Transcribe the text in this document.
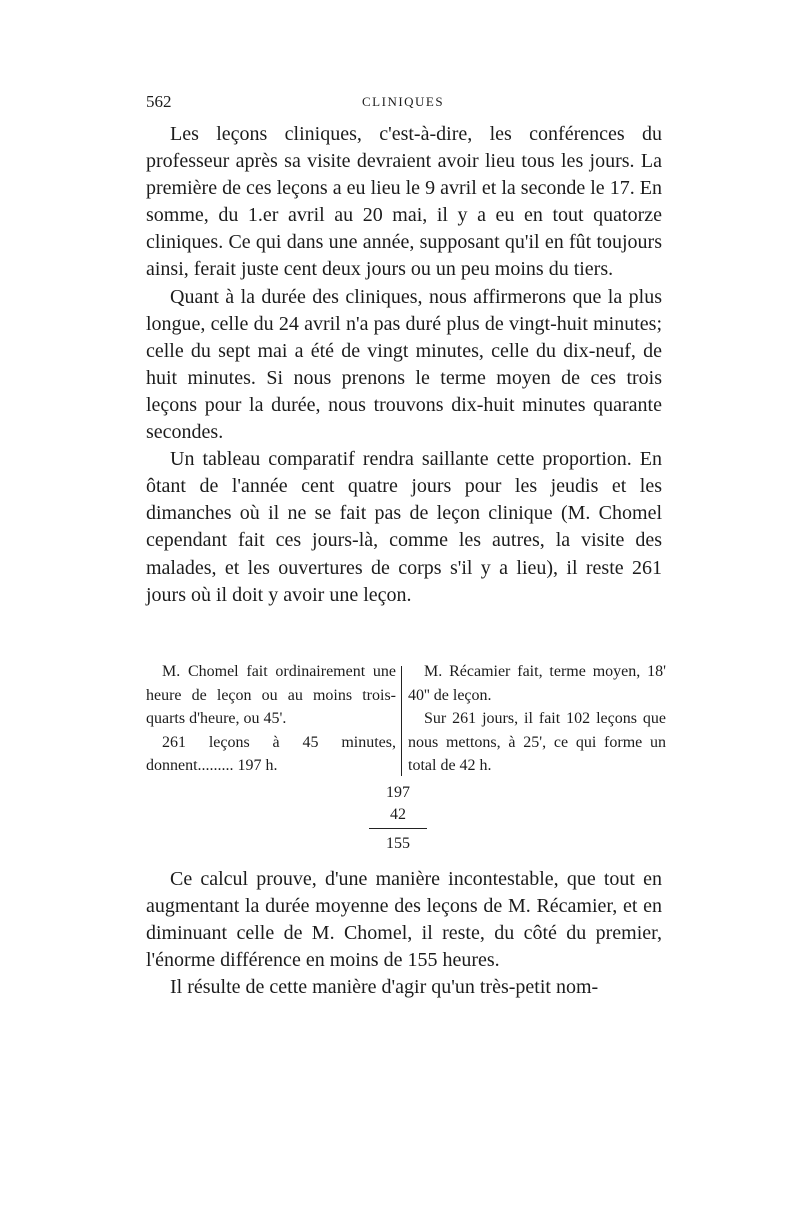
562	CLINIQUES

Les leçons cliniques, c'est-à-dire, les conférences du professeur après sa visite devraient avoir lieu tous les jours. La première de ces leçons a eu lieu le 9 avril et la seconde le 17. En somme, du 1.er avril au 20 mai, il y a eu en tout quatorze cliniques. Ce qui dans une année, supposant qu'il en fût toujours ainsi, ferait juste cent deux jours ou un peu moins du tiers.

Quant à la durée des cliniques, nous affirmerons que la plus longue, celle du 24 avril n'a pas duré plus de vingt-huit minutes; celle du sept mai a été de vingt minutes, celle du dix-neuf, de huit minutes. Si nous prenons le terme moyen de ces trois leçons pour la durée, nous trouvons dix-huit minutes quarante secondes.

Un tableau comparatif rendra saillante cette proportion. En ôtant de l'année cent quatre jours pour les jeudis et les dimanches où il ne se fait pas de leçon clinique (M. Chomel cependant fait ces jours-là, comme les autres, la visite des malades, et les ouvertures de corps s'il y a lieu), il reste 261 jours où il doit y avoir une leçon.

M. Chomel fait ordinairement une heure de leçon ou au moins trois-quarts d'heure, ou 45'.

261 leçons à 45 minutes, donnent......... 197 h.

M. Récamier fait, terme moyen, 18' 40'' de leçon.

Sur 261 jours, il fait 102 leçons que nous mettons, à 25', ce qui forme un total de 42 h.

197
42
155

Ce calcul prouve, d'une manière incontestable, que tout en augmentant la durée moyenne des leçons de M. Récamier, et en diminuant celle de M. Chomel, il reste, du côté du premier, l'énorme différence en moins de 155 heures.

Il résulte de cette manière d'agir qu'un très-petit nom-
